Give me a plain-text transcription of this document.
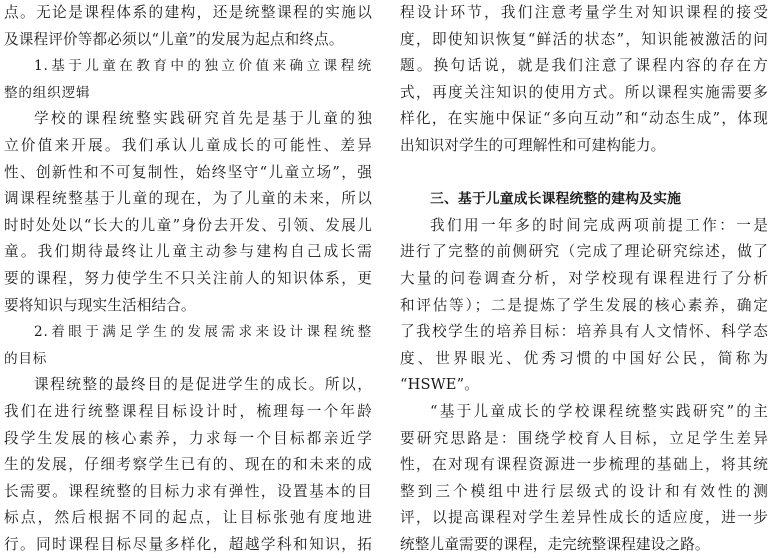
点。无论是课程体系的建构，还是统整课程的实施以
及课程评价等都必须以“儿童”的发展为起点和终点。
1.基于儿童在教育中的独立价值来确立课程统
整的组织逻辑
学校的课程统整实践研究首先是基于儿童的独
立价值来开展。我们承认儿童成长的可能性、差异
性、创新性和不可复制性，始终坚守“儿童立场”，强
调课程统整基于儿童的现在，为了儿童的未来，所以
时时处处以“长大的儿童”身份去开发、引领、发展儿
童。我们期待最终让儿童主动参与建构自己成长需
要的课程，努力使学生不只关注前人的知识体系，更
要将知识与现实生活相结合。
2.着眼于满足学生的发展需求来设计课程统整
的目标
课程统整的最终目的是促进学生的成长。所以，
我们在进行统整课程目标设计时，梳理每一个年龄
段学生发展的核心素养，力求每一个目标都亲近学
生的发展，仔细考察学生已有的、现在的和未来的成
长需要。课程统整的目标力求有弹性，设置基本的目
标点，然后根据不同的起点，让目标张弛有度地进
行。同时课程目标尽量多样化，超越学科和知识，拓
程设计环节，我们注意考量学生对知识课程的接受
度，即使知识恢复“鲜活的状态”，知识能被激活的问
题。换句话说，就是我们注意了课程内容的存在方
式，再度关注知识的使用方式。所以课程实施需要多
样化，在实施中保证“多向互动”和“动态生成”，体现
出知识对学生的可理解性和可建构能力。
三、基于儿童成长课程统整的建构及实施
我们用一年多的时间完成两项前提工作：一是
进行了完整的前侧研究（完成了理论研究综述，做了
大量的问卷调查分析，对学校现有课程进行了分析
和评估等）；二是提炼了学生发展的核心素养，确定
了我校学生的培养目标：培养具有人文情怀、科学态
度、世界眼光、优秀习惯的中国好公民，简称为
“HSWE”。
“基于儿童成长的学校课程统整实践研究”的主
要研究思路是：围绕学校育人目标，立足学生差异
性，在对现有课程资源进一步梳理的基础上，将其统
整到三个模组中进行层级式的设计和有效性的测
评，以提高课程对学生差异性成长的适应度，进一步
统整儿童需要的课程，走完统整课程建设之路。
